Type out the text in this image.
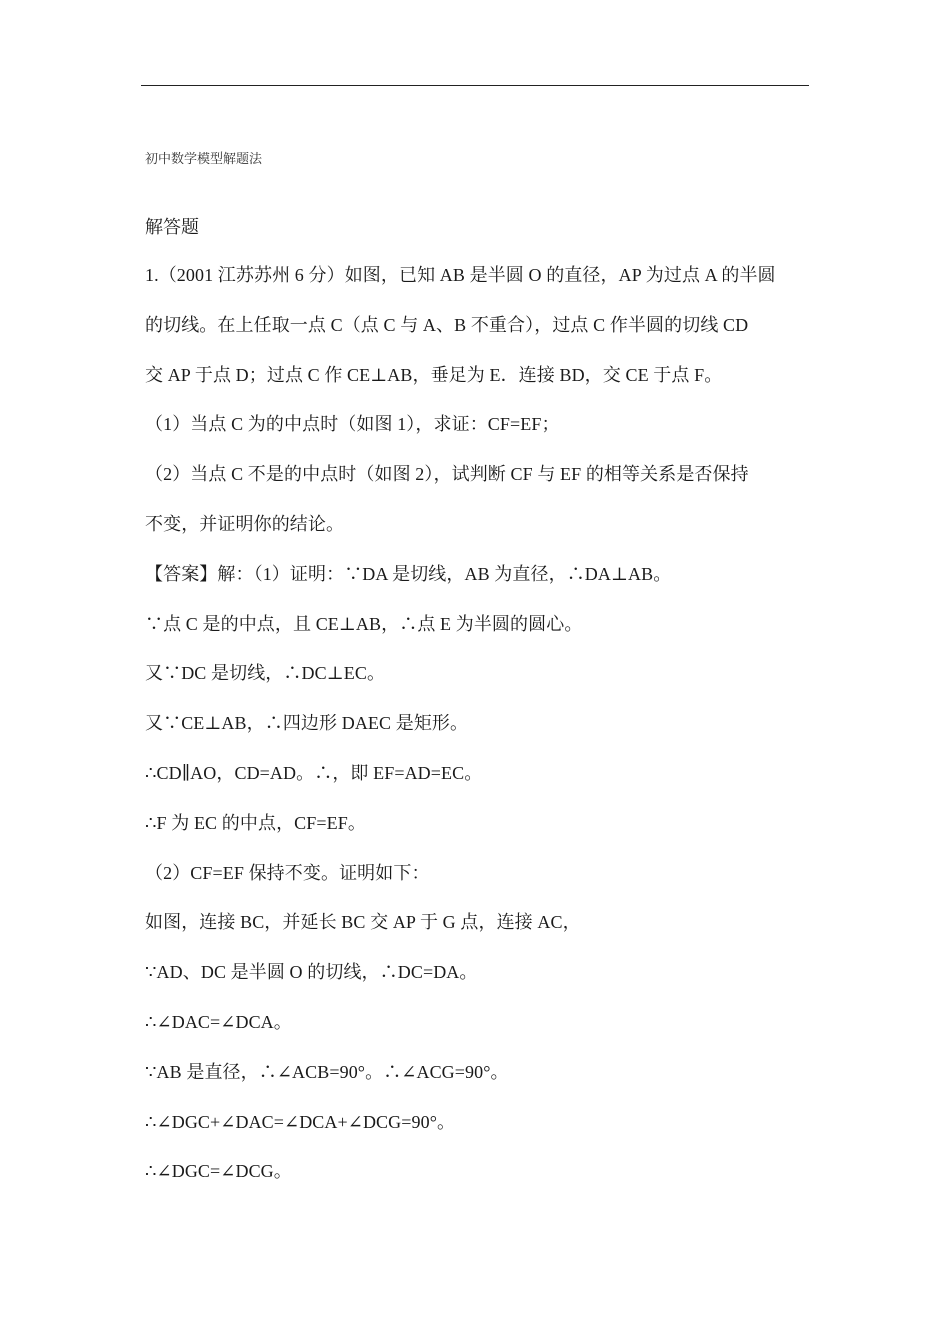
初中数学模型解题法
解答题
1.（2001 江苏苏州 6 分）如图，已知 AB 是半圆 O 的直径，AP 为过点 A 的半圆
的切线。在上任取一点 C（点 C 与 A、B 不重合），过点 C 作半圆的切线 CD
交 AP 于点 D；过点 C 作 CE⊥AB，垂足为 E．连接 BD，交 CE 于点 F。
（1）当点 C 为的中点时（如图 1），求证：CF=EF；
（2）当点 C 不是的中点时（如图 2），试判断 CF 与 EF 的相等关系是否保持
不变，并证明你的结论。
【答案】解：（1）证明：∵DA 是切线，AB 为直径，∴DA⊥AB。
∵点 C 是的中点，且 CE⊥AB，∴点 E 为半圆的圆心。
又∵DC 是切线，∴DC⊥EC。
又∵CE⊥AB，∴四边形 DAEC 是矩形。
∴CD∥AO，CD=AD。∴，即 EF=AD=EC。
∴F 为 EC 的中点，CF=EF。
（2）CF=EF 保持不变。证明如下：
如图，连接 BC，并延长 BC 交 AP 于 G 点，连接 AC，
∵AD、DC 是半圆 O 的切线，∴DC=DA。
∴∠DAC=∠DCA。
∵AB 是直径，∴∠ACB=90°。∴∠ACG=90°。
∴∠DGC+∠DAC=∠DCA+∠DCG=90°。
∴∠DGC=∠DCG。
